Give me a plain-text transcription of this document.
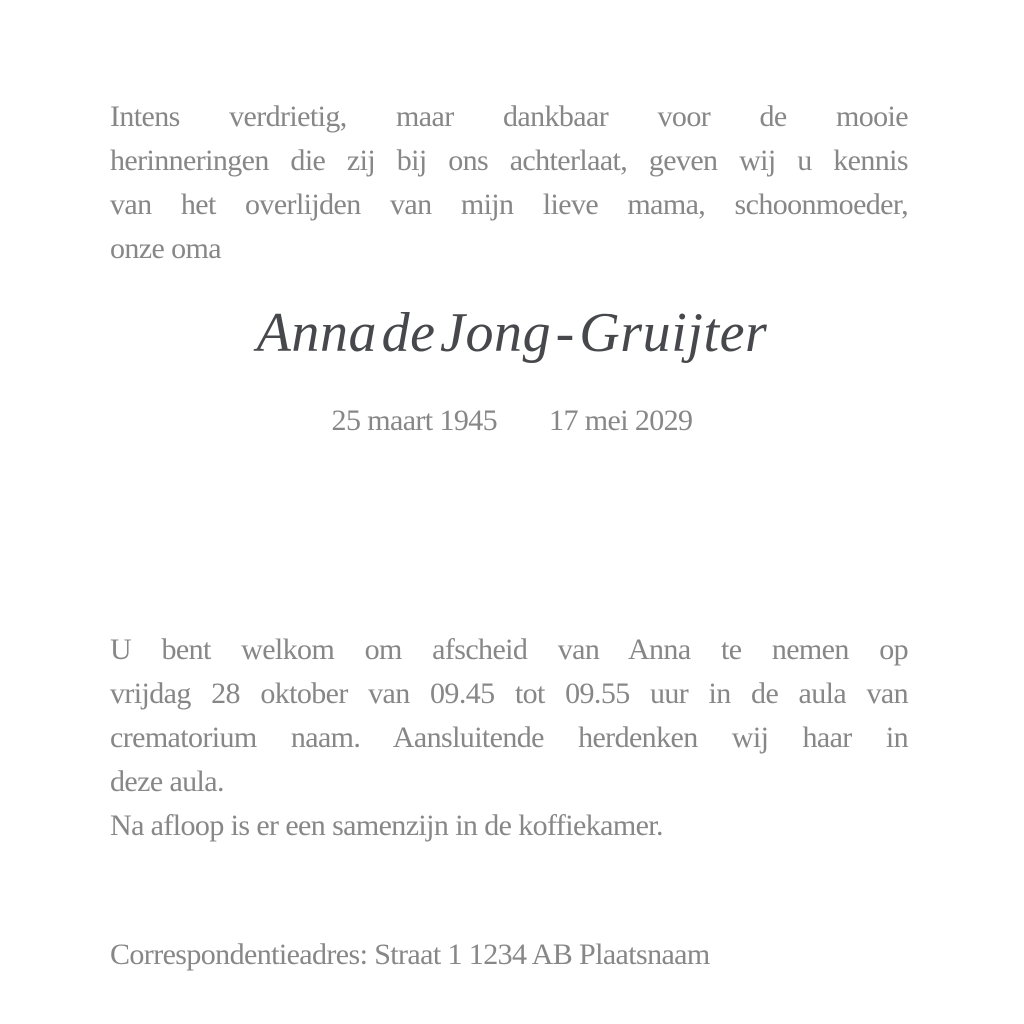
Intens verdrietig, maar dankbaar voor de mooie
herinneringen die zij bij ons achterlaat, geven wij u kennis
van het overlijden van mijn lieve mama, schoonmoeder,
onze oma
Anna de Jong - Gruijter
25 maart 1945 17 mei 2029
U bent welkom om afscheid van Anna te nemen op
vrijdag 28 oktober van 09.45 tot 09.55 uur in de aula van
crematorium naam. Aansluitende herdenken wij haar in
deze aula.
Na afloop is er een samenzijn in de koffiekamer.
Correspondentieadres: Straat 1 1234 AB Plaatsnaam
